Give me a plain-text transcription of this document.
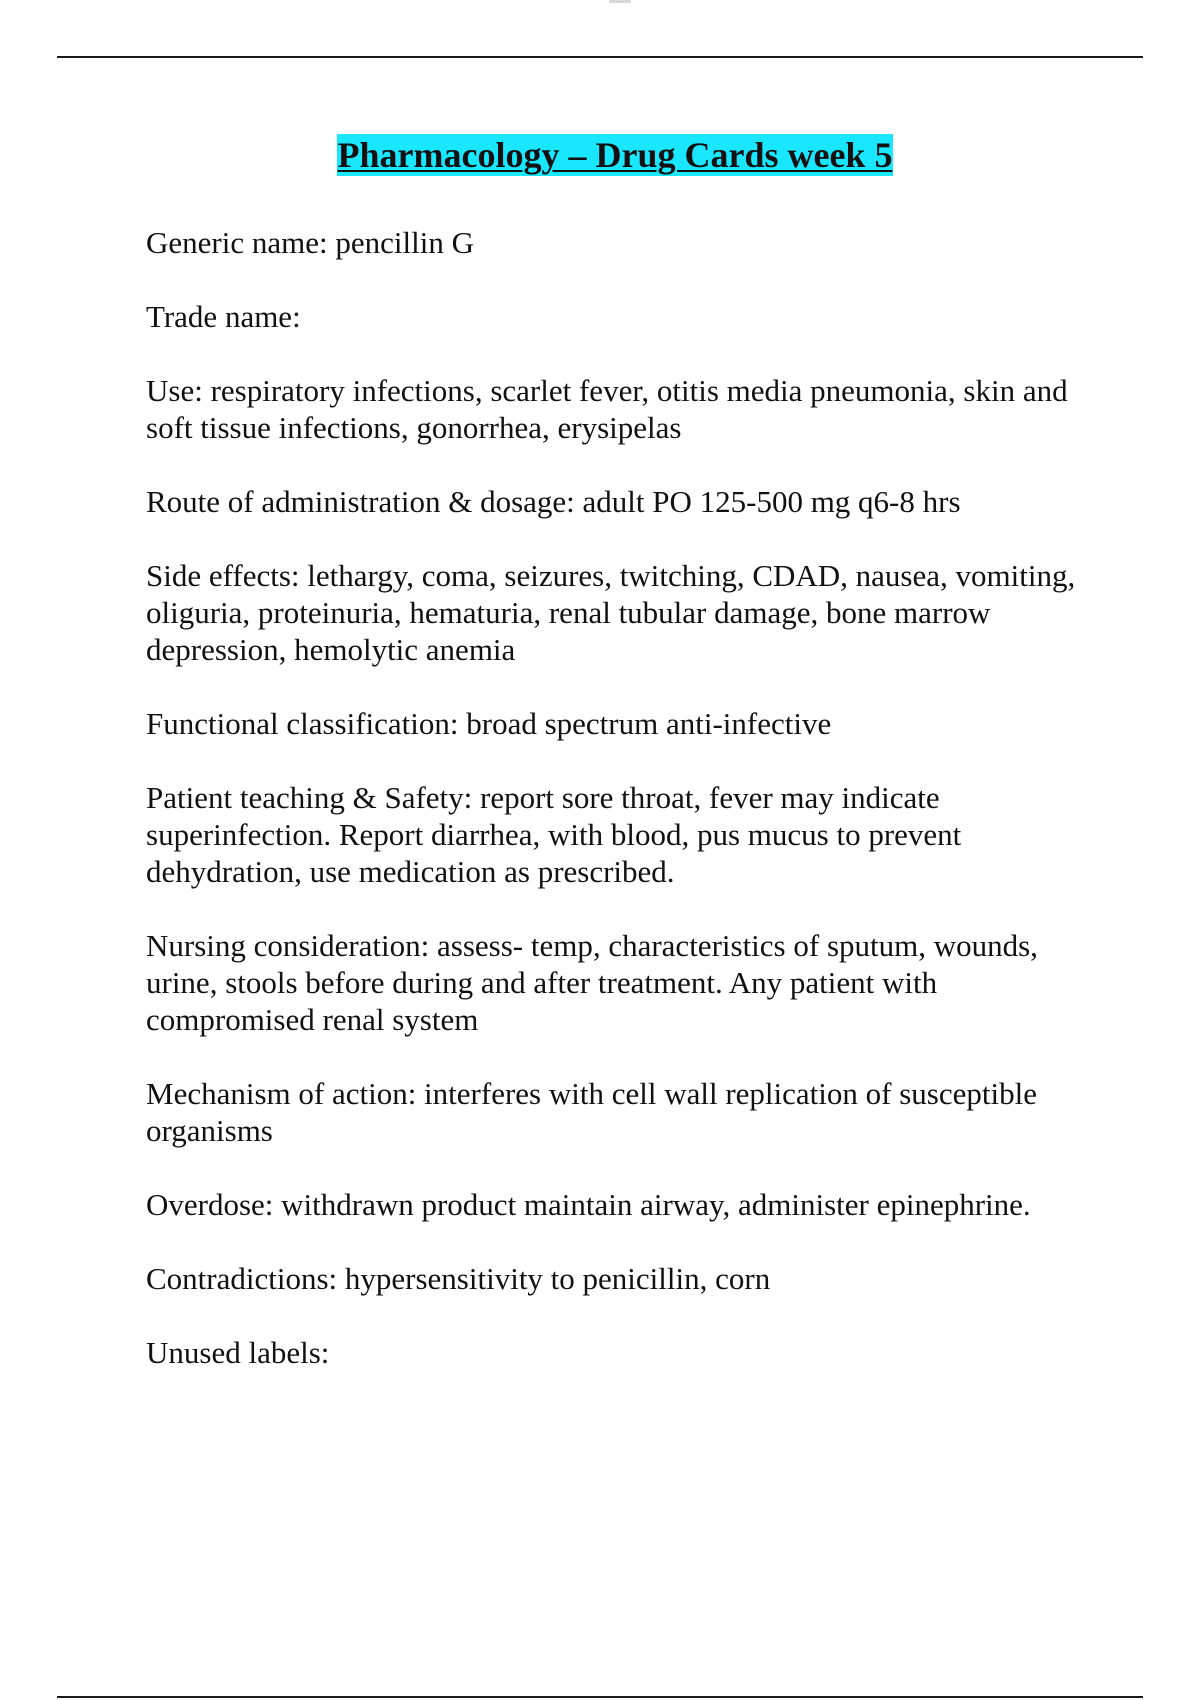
Pharmacology – Drug Cards week 5

Generic name: pencillin G

Trade name:

Use: respiratory infections, scarlet fever, otitis media pneumonia, skin and soft tissue infections, gonorrhea, erysipelas

Route of administration & dosage: adult PO 125-500 mg q6-8 hrs

Side effects: lethargy, coma, seizures, twitching, CDAD, nausea, vomiting, oliguria, proteinuria, hematuria, renal tubular damage, bone marrow depression, hemolytic anemia

Functional classification: broad spectrum anti-infective

Patient teaching & Safety: report sore throat, fever may indicate superinfection. Report diarrhea, with blood, pus mucus to prevent dehydration, use medication as prescribed.

Nursing consideration: assess- temp, characteristics of sputum, wounds, urine, stools before during and after treatment. Any patient with compromised renal system

Mechanism of action: interferes with cell wall replication of susceptible organisms

Overdose: withdrawn product maintain airway, administer epinephrine.

Contradictions: hypersensitivity to penicillin, corn

Unused labels:
